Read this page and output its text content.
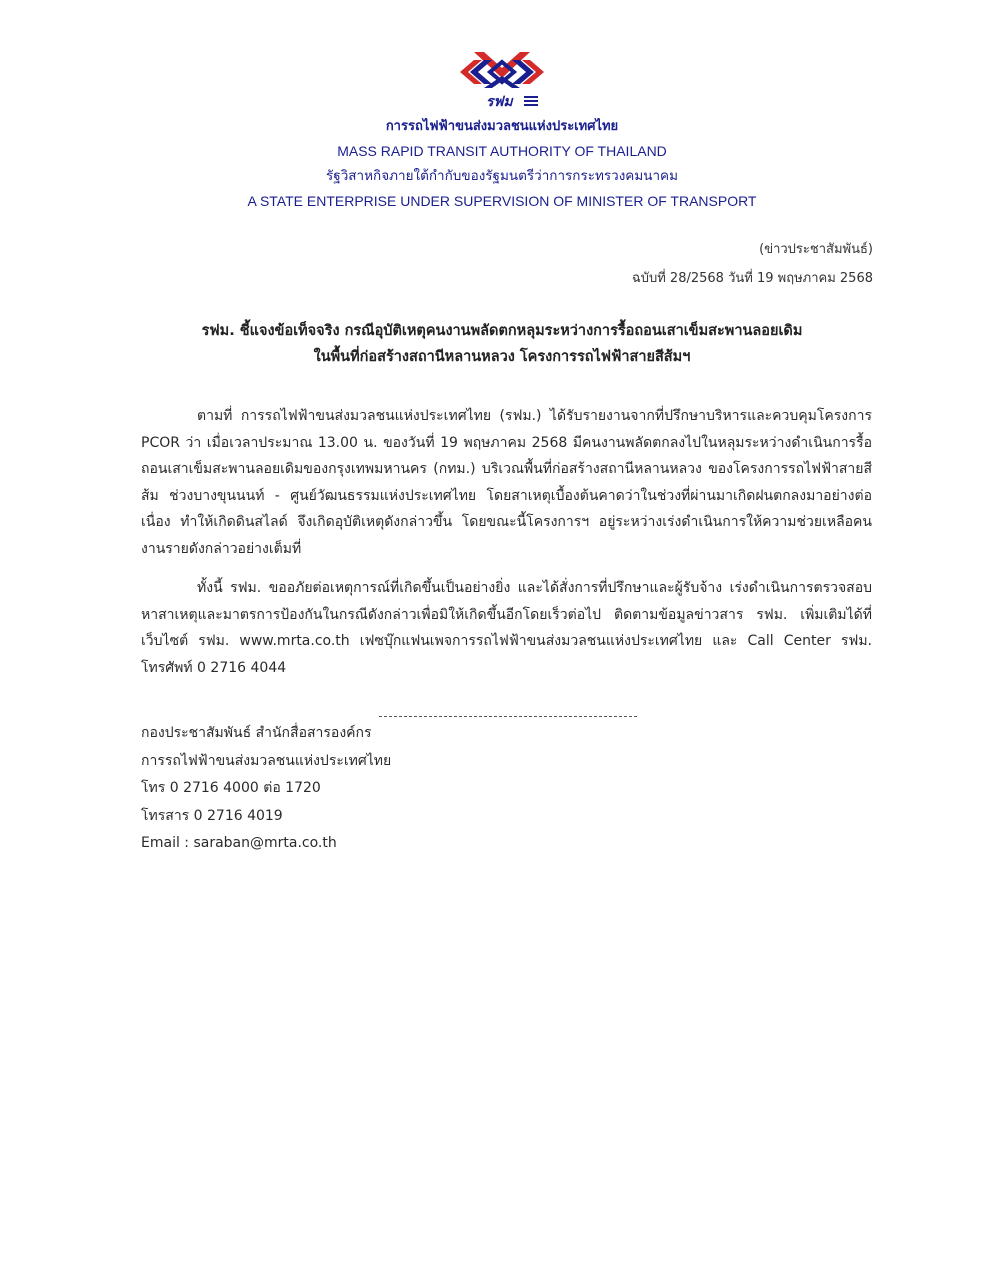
รฟม
การรถไฟฟ้าขนส่งมวลชนแห่งประเทศไทย
MASS RAPID TRANSIT AUTHORITY OF THAILAND
รัฐวิสาหกิจภายใต้กำกับของรัฐมนตรีว่าการกระทรวงคมนาคม
A STATE ENTERPRISE UNDER SUPERVISION OF MINISTER OF TRANSPORT
(ข่าวประชาสัมพันธ์)
ฉบับที่ 28/2568 วันที่ 19 พฤษภาคม 2568
รฟม. ชี้แจงข้อเท็จจริง กรณีอุบัติเหตุคนงานพลัดตกหลุมระหว่างการรื้อถอนเสาเข็มสะพานลอยเดิม
ในพื้นที่ก่อสร้างสถานีหลานหลวง โครงการรถไฟฟ้าสายสีส้มฯ
ตามที่ การรถไฟฟ้าขนส่งมวลชนแห่งประเทศไทย (รฟม.) ได้รับรายงานจากที่ปรึกษาบริหารและควบคุมโครงการ PCOR ว่า เมื่อเวลาประมาณ 13.00 น. ของวันที่ 19 พฤษภาคม 2568 มีคนงานพลัดตกลงไปในหลุมระหว่างดำเนินการรื้อถอนเสาเข็มสะพานลอยเดิมของกรุงเทพมหานคร (กทม.) บริเวณพื้นที่ก่อสร้างสถานีหลานหลวง ของโครงการรถไฟฟ้าสายสีส้ม ช่วงบางขุนนนท์ - ศูนย์วัฒนธรรมแห่งประเทศไทย โดยสาเหตุเบื้องต้นคาดว่าในช่วงที่ผ่านมาเกิดฝนตกลงมาอย่างต่อเนื่อง ทำให้เกิดดินสไลด์ จึงเกิดอุบัติเหตุดังกล่าวขึ้น โดยขณะนี้โครงการฯ อยู่ระหว่างเร่งดำเนินการให้ความช่วยเหลือคนงานรายดังกล่าวอย่างเต็มที่
ทั้งนี้ รฟม. ขออภัยต่อเหตุการณ์ที่เกิดขึ้นเป็นอย่างยิ่ง และได้สั่งการที่ปรึกษาและผู้รับจ้าง เร่งดำเนินการตรวจสอบหาสาเหตุและมาตรการป้องกันในกรณีดังกล่าวเพื่อมิให้เกิดขึ้นอีกโดยเร็วต่อไป ติดตามข้อมูลข่าวสาร รฟม. เพิ่มเติมได้ที่เว็บไซต์ รฟม. www.mrta.co.th เฟซบุ๊กแฟนเพจการรถไฟฟ้าขนส่งมวลชนแห่งประเทศไทย และ Call Center รฟม. โทรศัพท์ 0 2716 4044
กองประชาสัมพันธ์ สำนักสื่อสารองค์กร
การรถไฟฟ้าขนส่งมวลชนแห่งประเทศไทย
โทร 0 2716 4000 ต่อ 1720
โทรสาร 0 2716 4019
Email : saraban@mrta.co.th
